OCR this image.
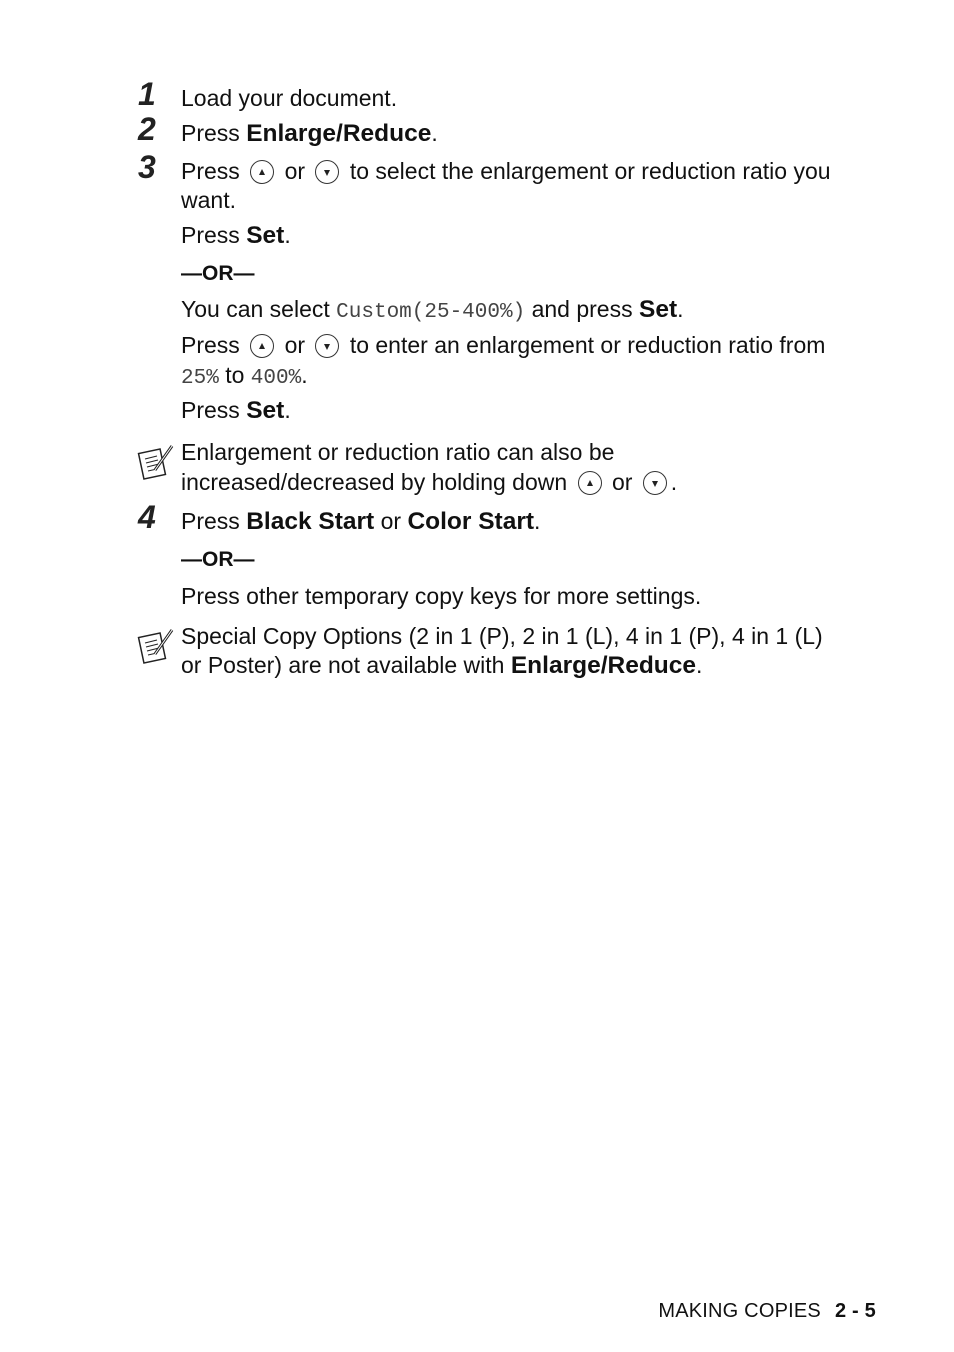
1 Load your document.
2 Press Enlarge/Reduce.
3 Press or to select the enlargement or reduction ratio you
want.
Press Set.
—OR—
You can select Custom(25-400%) and press Set.
Press or to enter an enlargement or reduction ratio from
25% to 400%.
Press Set.
Enlargement or reduction ratio can also be
increased/decreased by holding down or .
4 Press Black Start or Color Start.
—OR—
Press other temporary copy keys for more settings.
Special Copy Options (2 in 1 (P), 2 in 1 (L), 4 in 1 (P), 4 in 1 (L)
or Poster) are not available with Enlarge/Reduce.
MAKING COPIES 2 - 5
